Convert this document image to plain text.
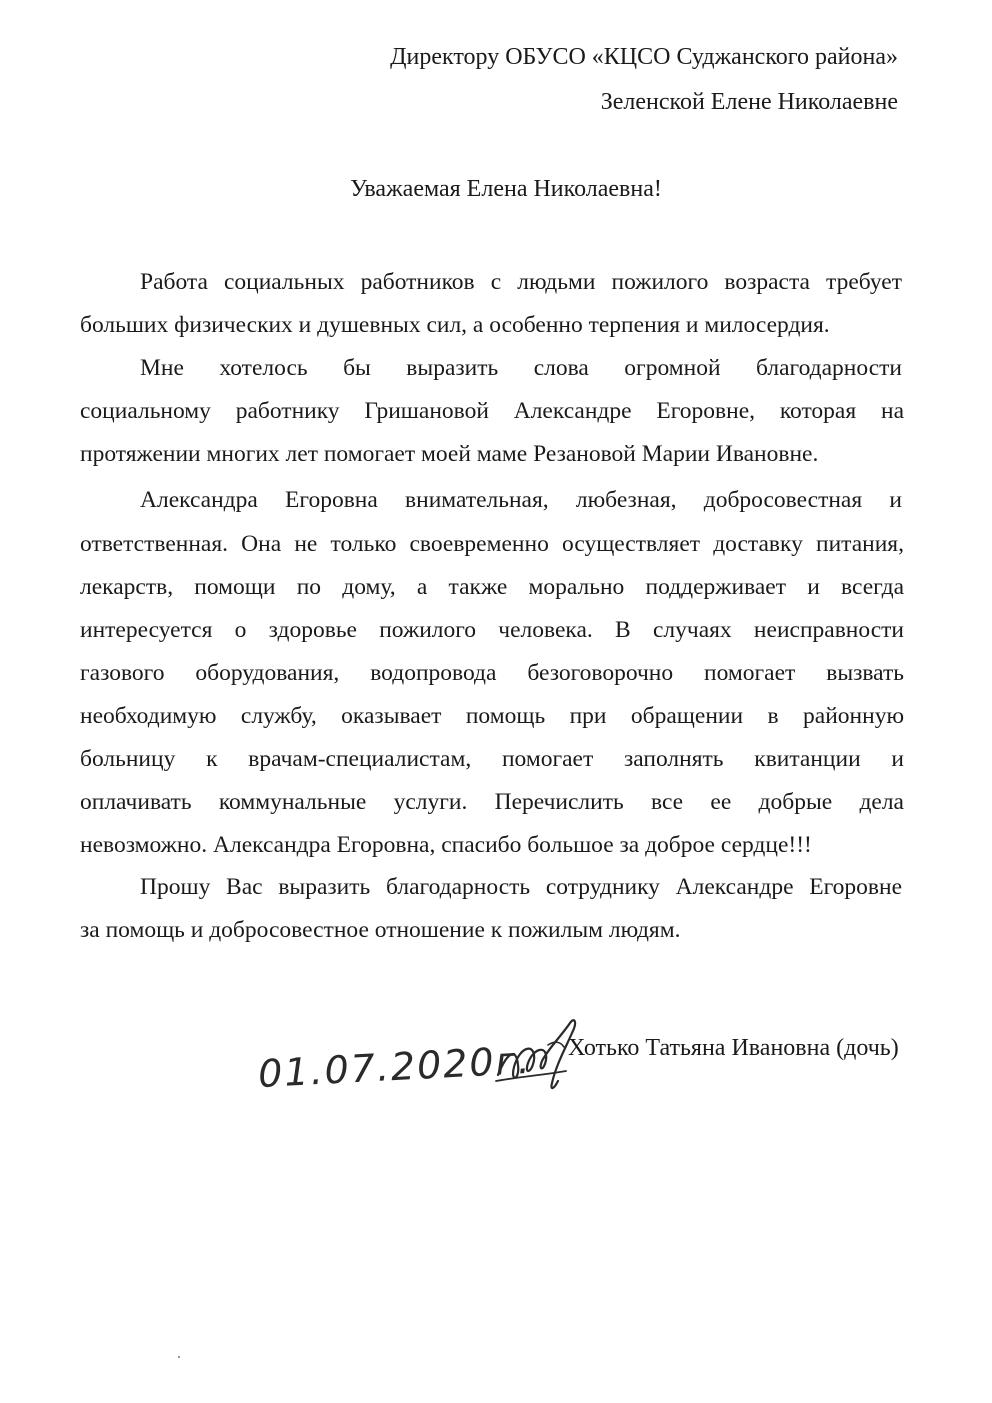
Директору ОБУСО «КЦСО Суджанского района»
Зеленской Елене Николаевне
Уважаемая Елена Николаевна!
Работа социальных работников с людьми пожилого возраста требует
больших физических и душевных сил, а особенно терпения и милосердия.
Мне хотелось бы выразить слова огромной благодарности
социальному работнику Гришановой Александре Егоровне, которая на
протяжении многих лет помогает моей маме Резановой Марии Ивановне.
Александра Егоровна внимательная, любезная, добросовестная и
ответственная. Она не только своевременно осуществляет доставку питания,
лекарств, помощи по дому, а также морально поддерживает и всегда
интересуется о здоровье пожилого человека. В случаях неисправности
газового оборудования, водопровода безоговорочно помогает вызвать
необходимую службу, оказывает помощь при обращении в районную
больницу к врачам-специалистам, помогает заполнять квитанции и
оплачивать коммунальные услуги. Перечислить все ее добрые дела
невозможно. Александра Егоровна, спасибо большое за доброе сердце!!!
Прошу Вас выразить благодарность сотруднику Александре Егоровне
за помощь и добросовестное отношение к пожилым людям.
01.07.2020г. Хотько Татьяна Ивановна (дочь)
